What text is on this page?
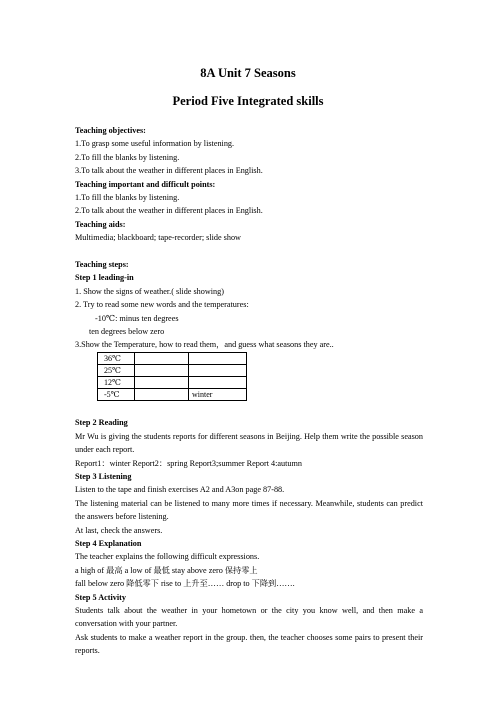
8A Unit 7 Seasons
Period Five Integrated skills
Teaching objectives:
1.To grasp some useful information by listening.
2.To fill the blanks by listening.
3.To talk about the weather in different places in English.
Teaching important and difficult points:
1.To fill the blanks by listening.
2.To talk about the weather in different places in English.
Teaching aids:
Multimedia; blackboard; tape-recorder; slide show
Teaching steps:
Step 1 leading-in
1. Show the signs of weather.( slide showing)
2. Try to read some new words and the temperatures:
-10℃: minus ten degrees
ten degrees below zero
3.Show the Temperature, how to read them，and guess what seasons they are..
36℃		
25℃		
12℃		
-5℃		winter
Step 2 Reading
Mr Wu is giving the students reports for different seasons in Beijing. Help them write the possible season under each report.
Report1：winter Report2：spring Report3;summer Report 4:autumn
Step 3 Listening
Listen to the tape and finish exercises A2 and A3on page 87-88.
The listening material can be listened to many more times if necessary. Meanwhile, students can predict the answers before listening.
At last, check the answers.
Step 4 Explanation
The teacher explains the following difficult expressions.
a high of 最高 a low of 最低 stay above zero 保持零上
fall below zero 降低零下 rise to 上升至…… drop to 下降到…….
Step 5 Activity
Students talk about the weather in your hometown or the city you know well, and then make a conversation with your partner.
Ask students to make a weather report in the group. then, the teacher chooses some pairs to present their reports.
